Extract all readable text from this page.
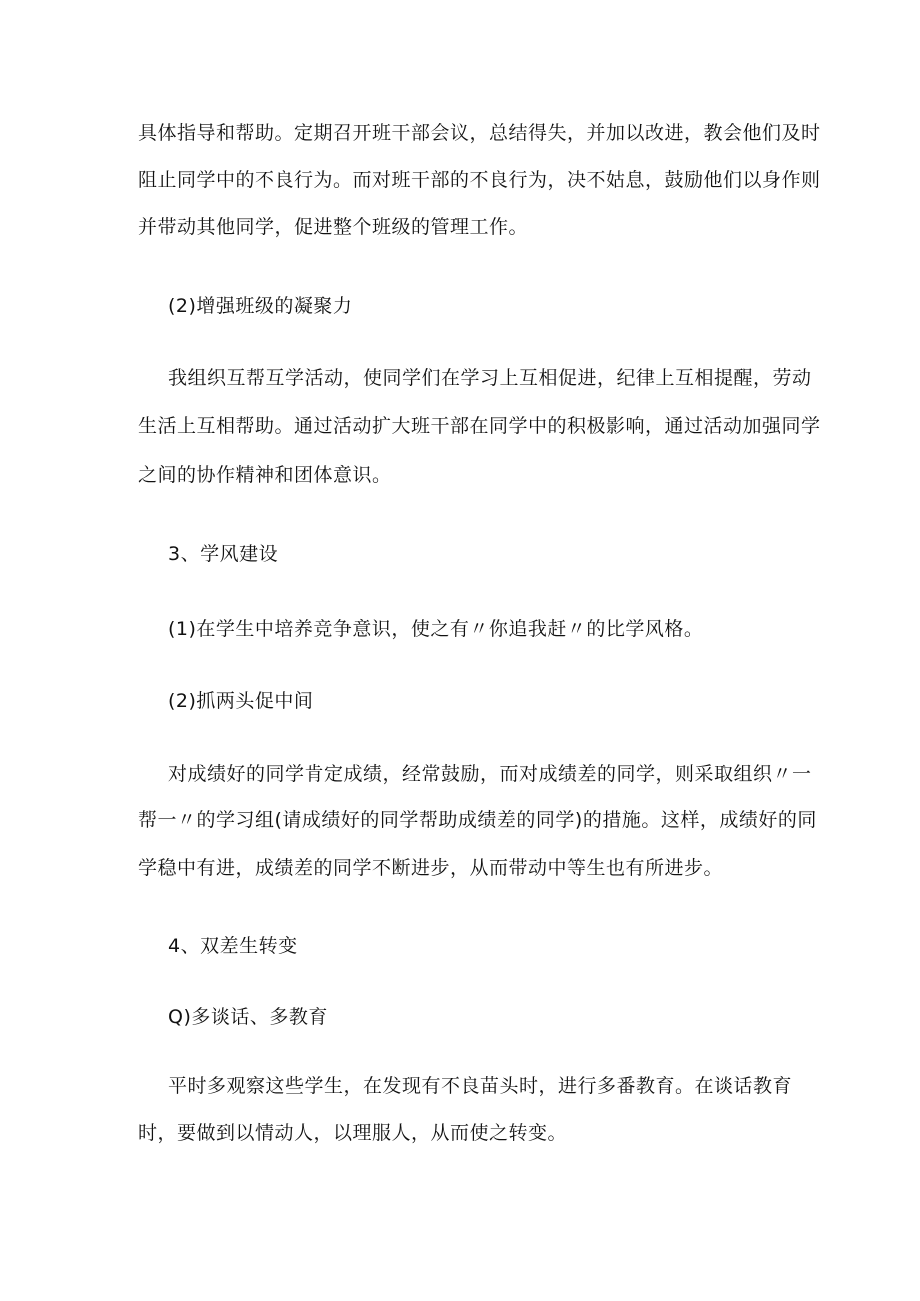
具体指导和帮助。定期召开班干部会议，总结得失，并加以改进，教会他们及时
阻止同学中的不良行为。而对班干部的不良行为，决不姑息，鼓励他们以身作则
并带动其他同学，促进整个班级的管理工作。
(2)增强班级的凝聚力
我组织互帮互学活动，使同学们在学习上互相促进，纪律上互相提醒，劳动
生活上互相帮助。通过活动扩大班干部在同学中的积极影响，通过活动加强同学
之间的协作精神和团体意识。
3、学风建设
(1)在学生中培养竞争意识，使之有〃你追我赶〃的比学风格。
(2)抓两头促中间
对成绩好的同学肯定成绩，经常鼓励，而对成绩差的同学，则采取组织〃一
帮一〃的学习组(请成绩好的同学帮助成绩差的同学)的措施。这样，成绩好的同
学稳中有进，成绩差的同学不断进步，从而带动中等生也有所进步。
4、双差生转变
Q)多谈话、多教育
平时多观察这些学生，在发现有不良苗头时，进行多番教育。在谈话教育
时，要做到以情动人，以理服人，从而使之转变。
